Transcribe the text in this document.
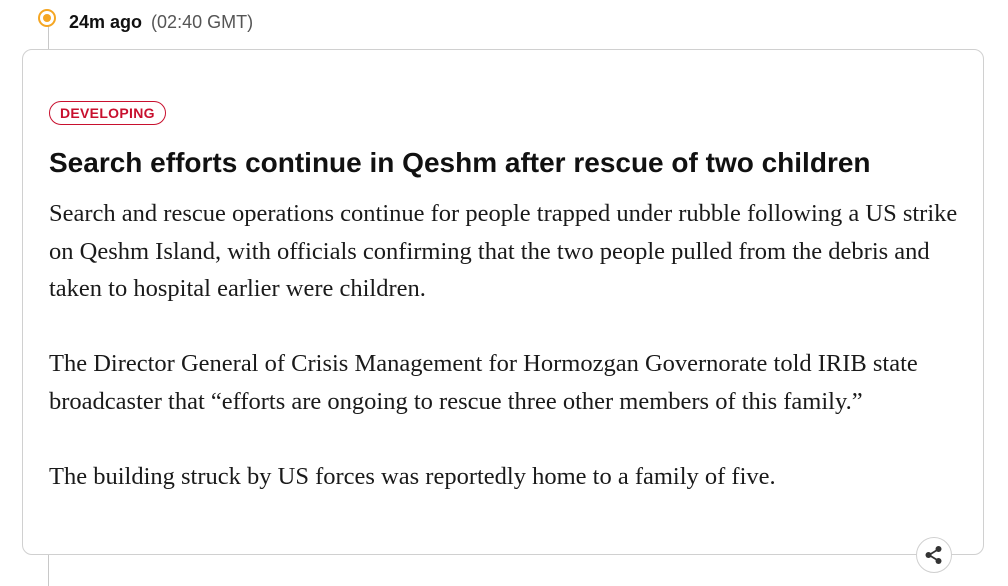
24m ago (02:40 GMT)
DEVELOPING
Search efforts continue in Qeshm after rescue of two children

Search and rescue operations continue for people trapped under rubble following a US strike on Qeshm Island, with officials confirming that the two people pulled from the debris and taken to hospital earlier were children.

The Director General of Crisis Management for Hormozgan Governorate told IRIB state broadcaster that “efforts are ongoing to rescue three other members of this family.”

The building struck by US forces was reportedly home to a family of five.
